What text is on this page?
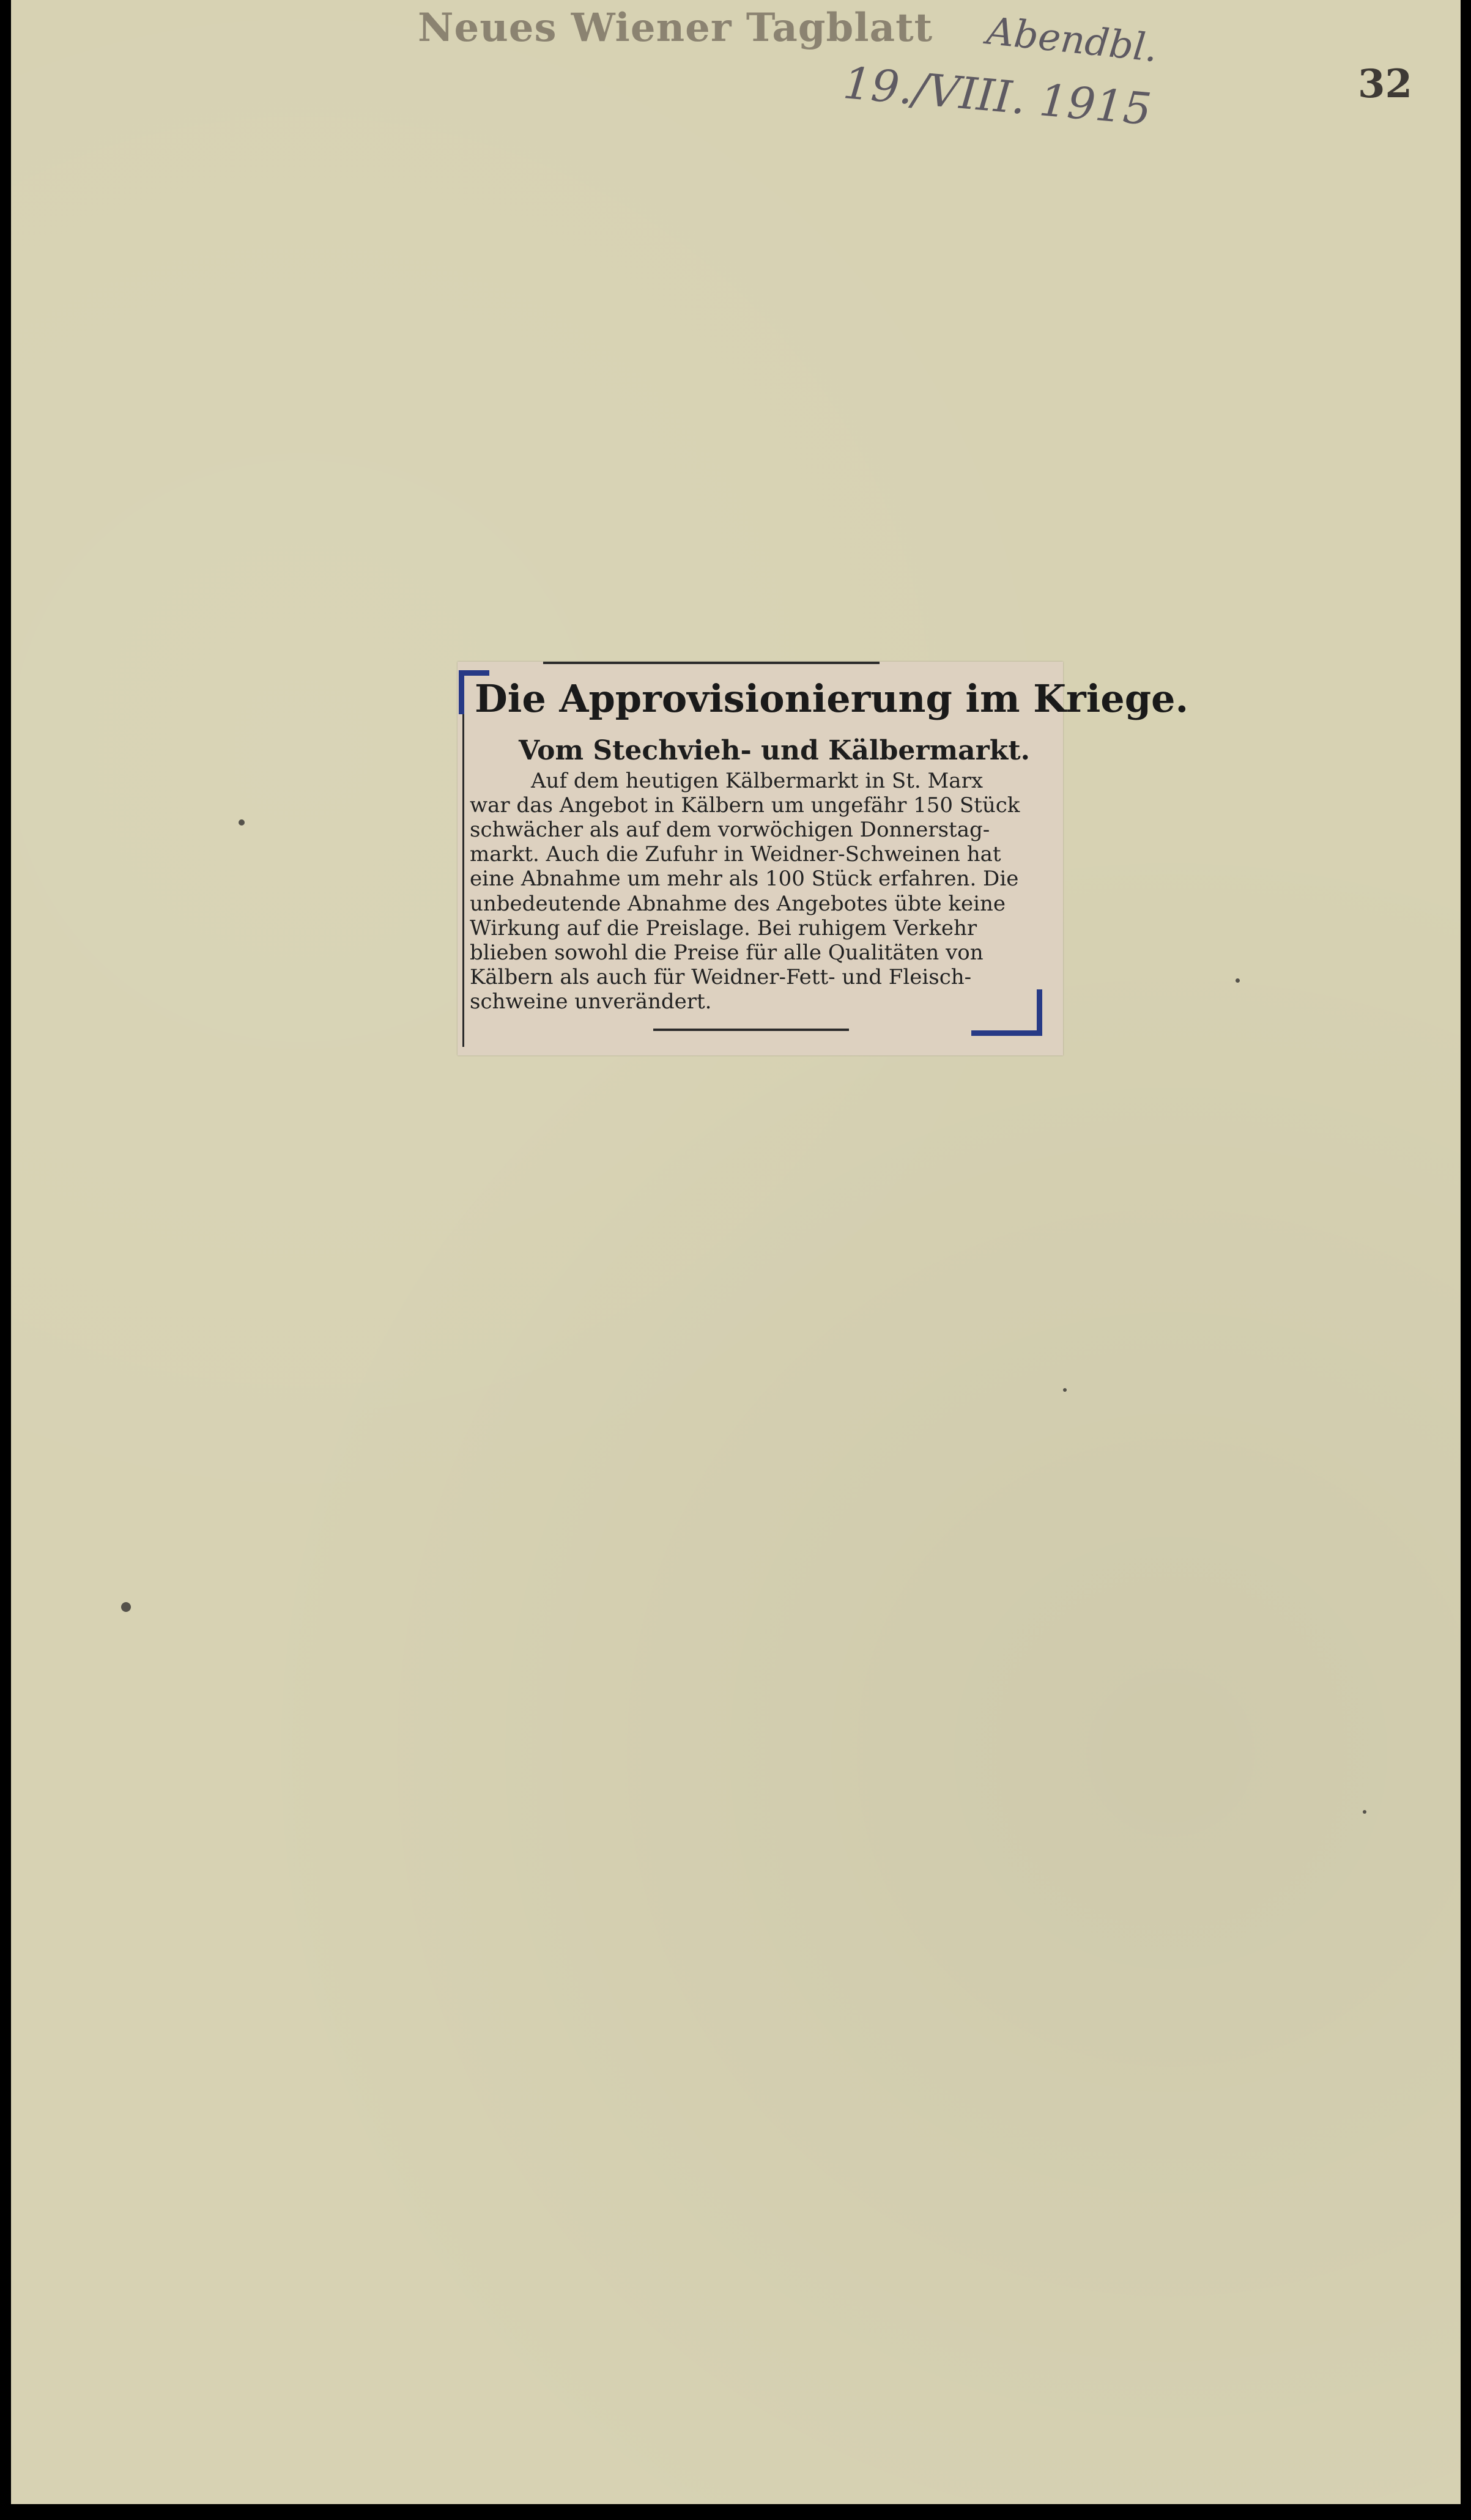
Neues Wiener Tagblatt Abendbl.
19./VIII. 1915	32
Die Approvisionierung im Kriege.
Vom Stechvieh- und Kälbermarkt.
Auf dem heutigen Kälbermarkt in St. Marx
war das Angebot in Kälbern um ungefähr 150 Stück
schwächer als auf dem vorwöchigen Donnerstag-
markt. Auch die Zufuhr in Weidner-Schweinen hat
eine Abnahme um mehr als 100 Stück erfahren. Die
unbedeutende Abnahme des Angebotes übte keine
Wirkung auf die Preislage. Bei ruhigem Verkehr
blieben sowohl die Preise für alle Qualitäten von
Kälbern als auch für Weidner-Fett- und Fleisch-
schweine unverändert.
